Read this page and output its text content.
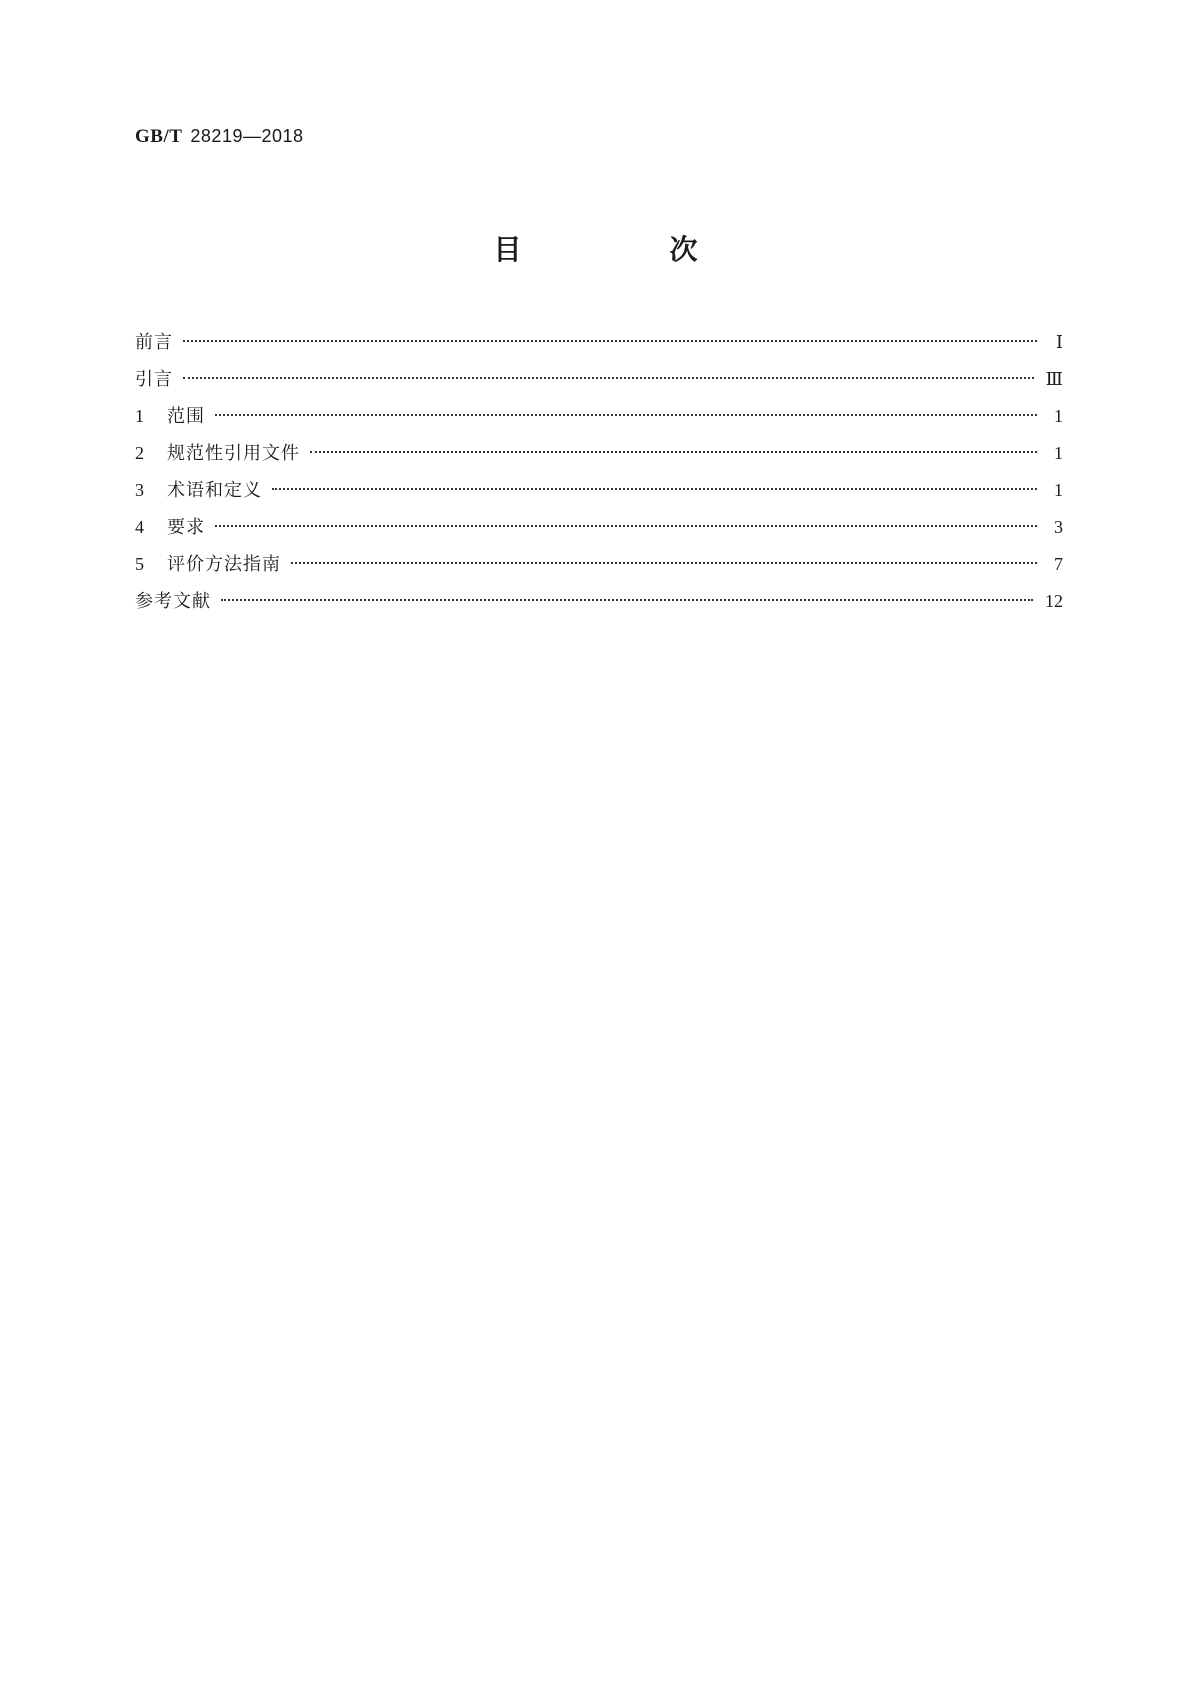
GB/T 28219—2018
目　次
前言	Ⅰ
引言	Ⅲ
1	范围	1
2	规范性引用文件	1
3	术语和定义	1
4	要求	3
5	评价方法指南	7
参考文献	12
